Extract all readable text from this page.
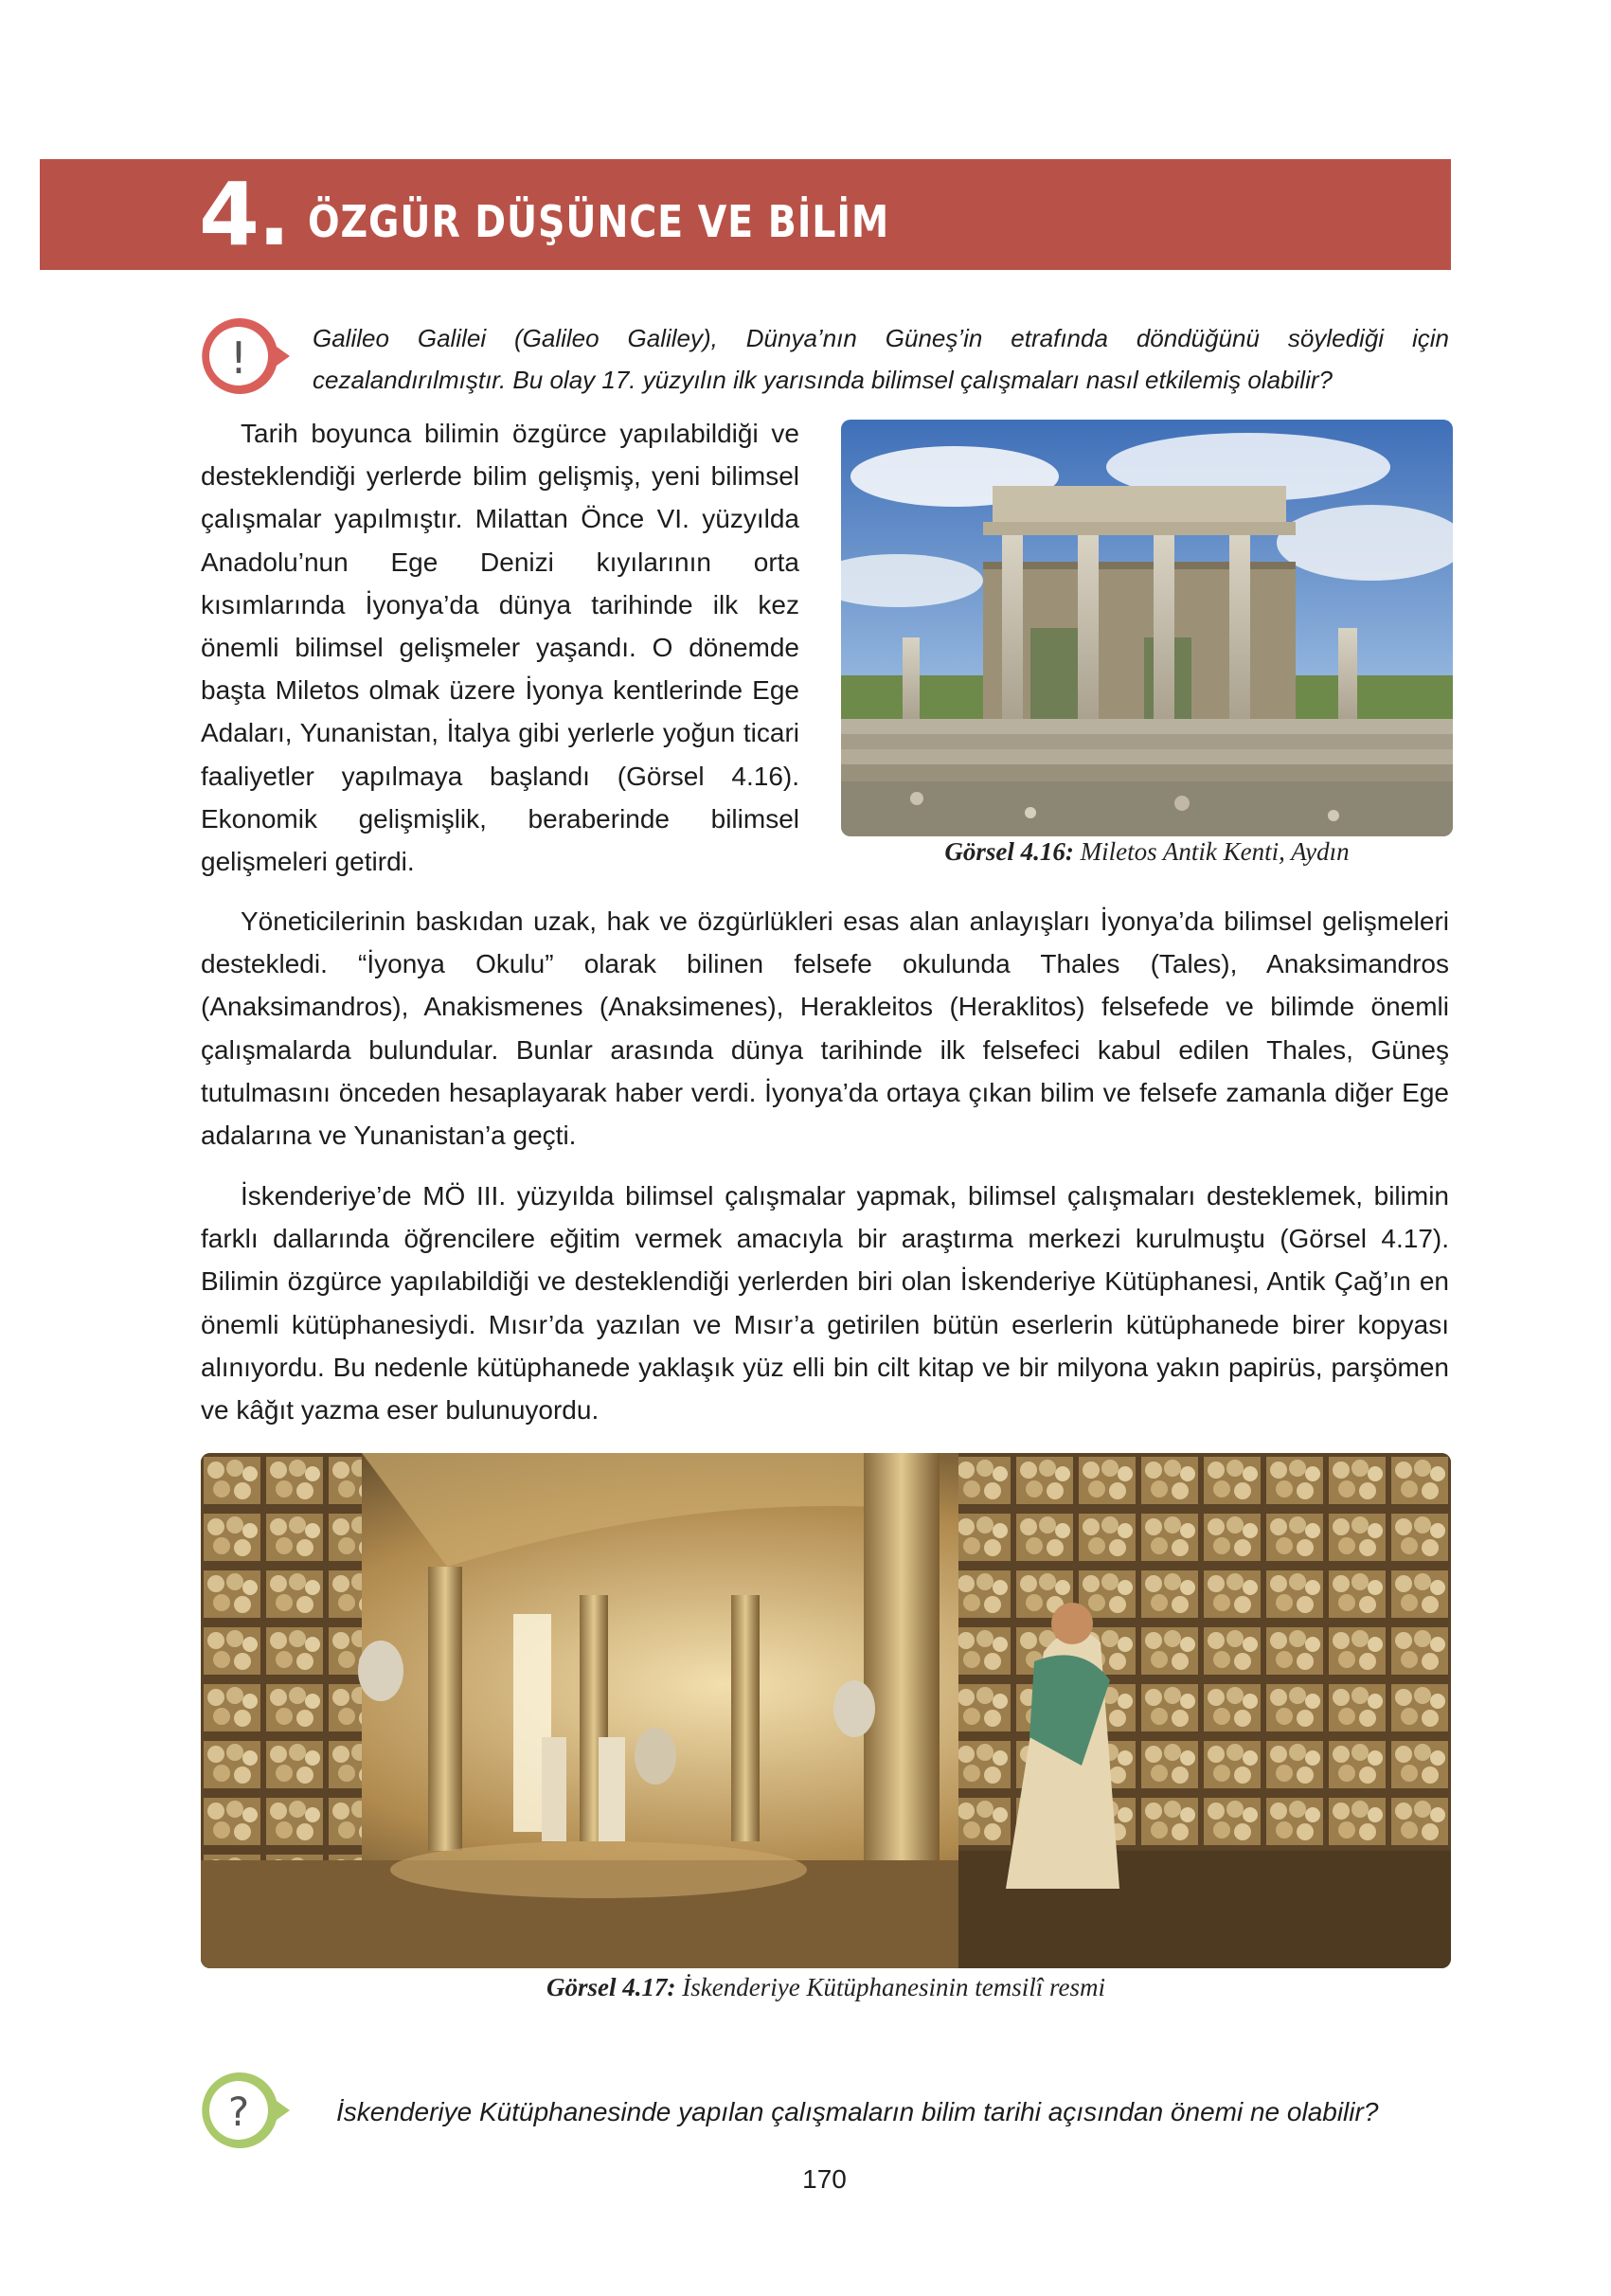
4. ÖZGÜR DÜŞÜNCE VE BİLİM
!	Galileo Galilei (Galileo Galiley), Dünya’nın Güneş’in etrafında döndüğünü söylediği için cezalandırılmıştır. Bu olay 17. yüzyılın ilk yarısında bilimsel çalışmaları nasıl etkilemiş olabilir?
Tarih boyunca bilimin özgürce yapılabildiği ve desteklendiği yerlerde bilim gelişmiş, yeni bilimsel çalışmalar yapılmıştır. Milattan Önce VI. yüzyılda Anadolu’nun Ege Denizi kıyılarının orta kısımlarında İyonya’da dünya tarihinde ilk kez önemli bilimsel gelişmeler yaşandı. O dönemde başta Miletos olmak üzere İyonya kentlerinde Ege Adaları, Yunanistan, İtalya gibi yerlerle yoğun ticari faaliyetler yapılmaya başlandı (Görsel 4.16). Ekonomik gelişmişlik, beraberinde bilimsel gelişmeleri getirdi.	Görsel 4.16: Miletos Antik Kenti, Aydın
Yöneticilerinin baskıdan uzak, hak ve özgürlükleri esas alan anlayışları İyonya’da bilimsel gelişmeleri destekledi. “İyonya Okulu” olarak bilinen felsefe okulunda Thales (Tales), Anaksimandros (Anaksimandros), Anakismenes (Anaksimenes), Herakleitos (Heraklitos) felsefede ve bilimde önemli çalışmalarda bulundular. Bunlar arasında dünya tarihinde ilk felsefeci kabul edilen Thales, Güneş tutulmasını önceden hesaplayarak haber verdi. İyonya’da ortaya çıkan bilim ve felsefe zamanla diğer Ege adalarına ve Yunanistan’a geçti.
İskenderiye’de MÖ III. yüzyılda bilimsel çalışmalar yapmak, bilimsel çalışmaları desteklemek, bilimin farklı dallarında öğrencilere eğitim vermek amacıyla bir araştırma merkezi kurulmuştu (Görsel 4.17). Bilimin özgürce yapılabildiği ve desteklendiği yerlerden biri olan İskenderiye Kütüphanesi, Antik Çağ’ın en önemli kütüphanesiydi. Mısır’da yazılan ve Mısır’a getirilen bütün eserlerin kütüphanede birer kopyası alınıyordu. Bu nedenle kütüphanede yaklaşık yüz elli bin cilt kitap ve bir milyona yakın papirüs, parşömen ve kâğıt yazma eser bulunuyordu.
Görsel 4.17: İskenderiye Kütüphanesinin temsilî resmi
?	İskenderiye Kütüphanesinde yapılan çalışmaların bilim tarihi açısından önemi ne olabilir?
170
